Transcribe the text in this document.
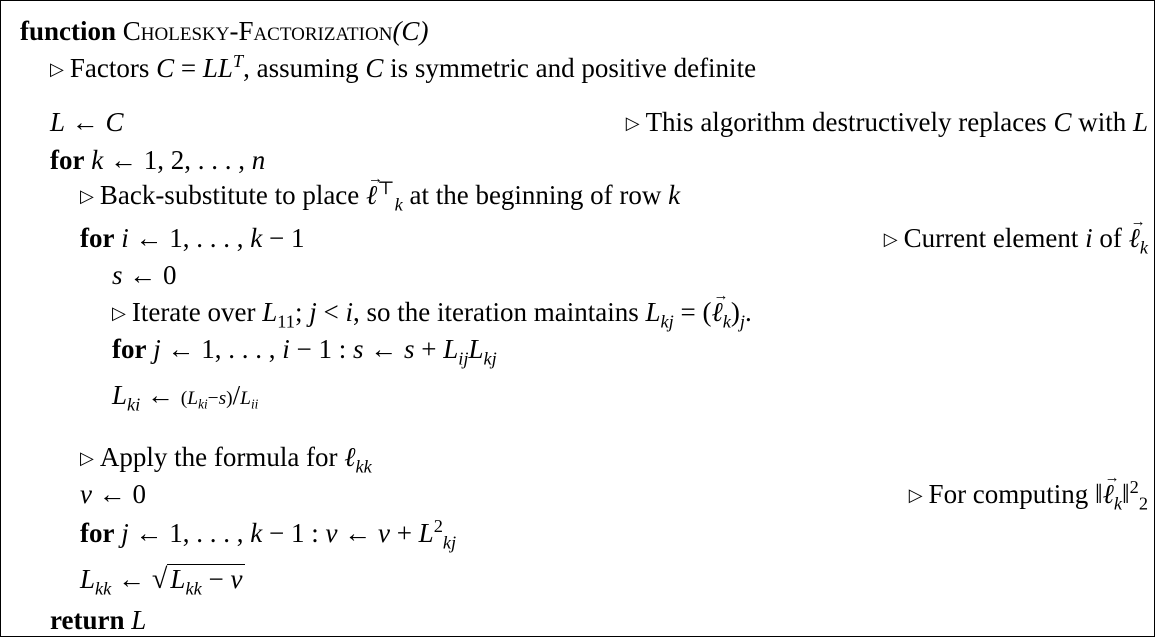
function Cholesky-Factorization(C)
▷ Factors $C = LL^T$, assuming C is symmetric and positive definite
L ← C	▷ This algorithm destructively replaces C with L
for k ← 1, 2, . . . , n
▷ Back-substitute to place → ℓ⊤$_k$ at the beginning of row k
for i ← 1, . . . , k − 1	▷ Current element i of → ℓ$_k$
s ← 0
▷ Iterate over $L_{11}$; j < i, so the iteration maintains $L_{kj}$ = (→ $\ell_k)_j$.
for j ← 1, . . . , i − 1 : s ← $s + L_{ij}L_{kj}$
$L_{ki}$ ← $(L_{ki}-s)/L_{ii}$
▷ Apply the formula for ℓ$_{kk}$
v ← 0	▷ For computing ‖→ ℓ$_k$‖$^2_2$
for j ← 1, . . . , k − 1 : v ← $v + L^2_{kj}$
$L_{kk}$ ← √ $L_{kk} - v$
return L
